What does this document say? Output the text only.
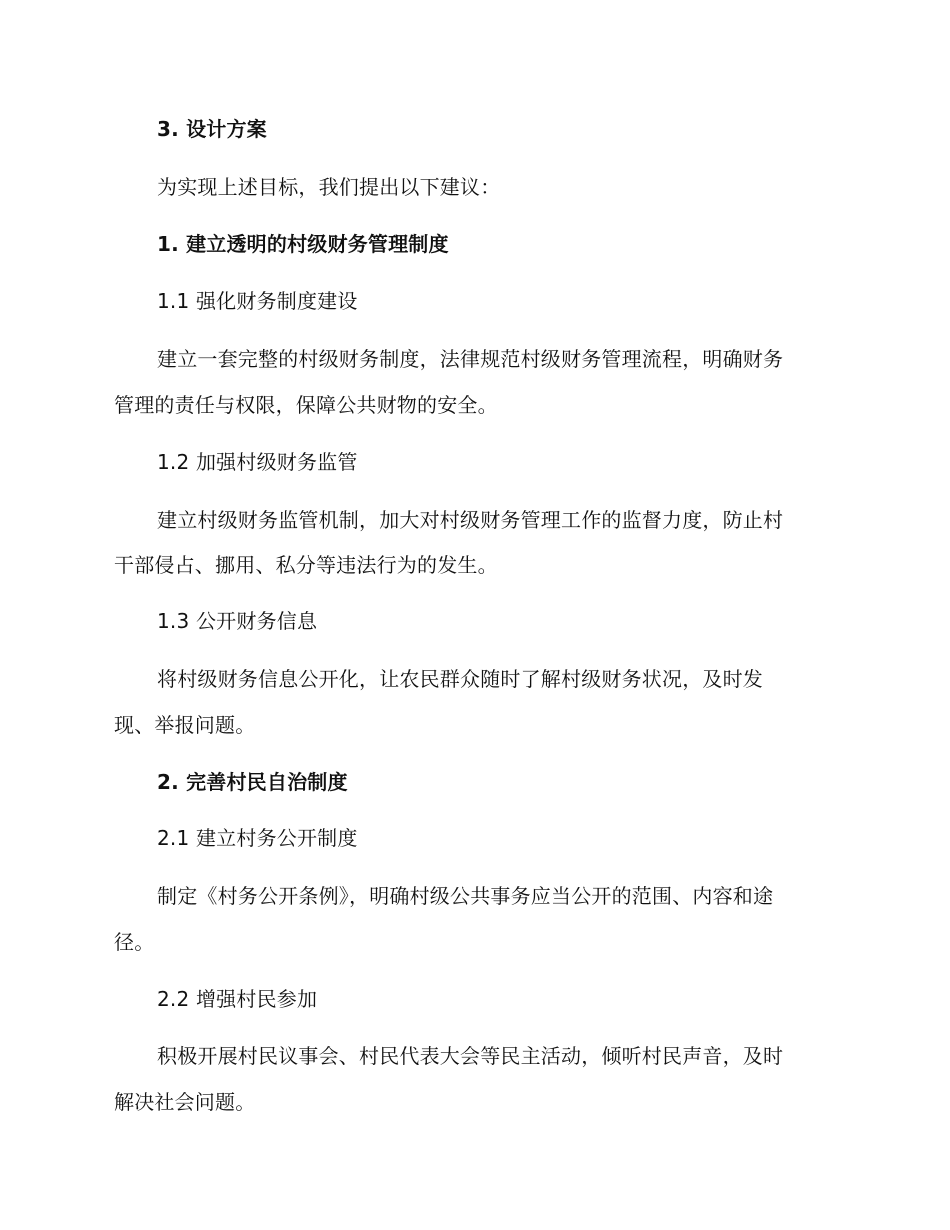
3. 设计方案
为实现上述目标，我们提出以下建议：
1. 建立透明的村级财务管理制度
1.1 强化财务制度建设
建立一套完整的村级财务制度，法律规范村级财务管理流程，明确财务
管理的责任与权限，保障公共财物的安全。
1.2 加强村级财务监管
建立村级财务监管机制，加大对村级财务管理工作的监督力度，防止村
干部侵占、挪用、私分等违法行为的发生。
1.3 公开财务信息
将村级财务信息公开化，让农民群众随时了解村级财务状况，及时发
现、举报问题。
2. 完善村民自治制度
2.1 建立村务公开制度
制定《村务公开条例》，明确村级公共事务应当公开的范围、内容和途
径。
2.2 增强村民参加
积极开展村民议事会、村民代表大会等民主活动，倾听村民声音，及时
解决社会问题。
